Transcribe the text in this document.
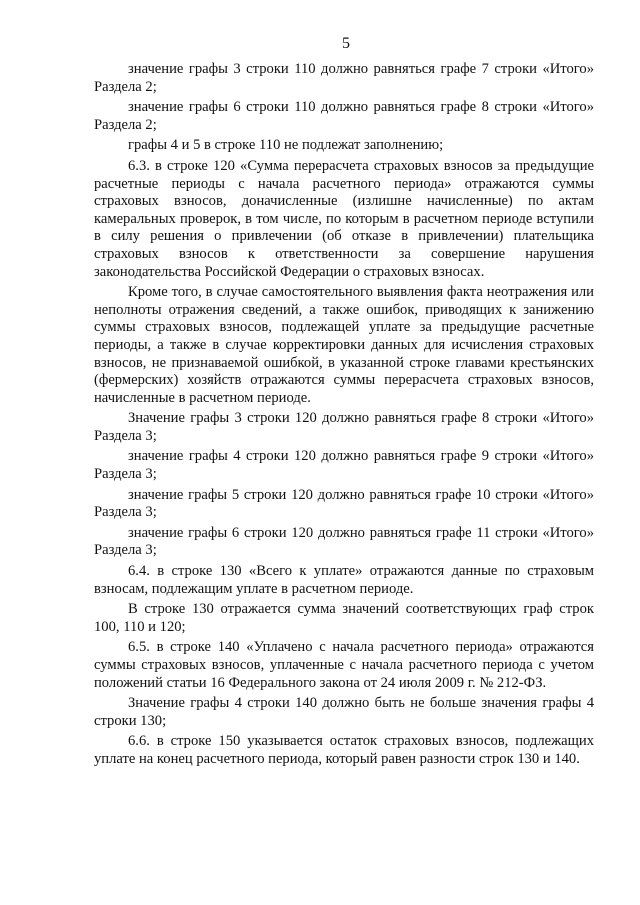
5

значение графы 3 строки 110 должно равняться графе 7 строки «Итого» Раздела 2;

значение графы 6 строки 110 должно равняться графе 8 строки «Итого» Раздела 2;

графы 4 и 5 в строке 110 не подлежат заполнению;

6.3. в строке 120 «Сумма перерасчета страховых взносов за предыдущие расчетные периоды с начала расчетного периода» отражаются суммы страховых взносов, доначисленные (излишне начисленные) по актам камеральных проверок, в том числе, по которым в расчетном периоде вступили в силу решения о привлечении (об отказе в привлечении) плательщика страховых взносов к ответственности за совершение нарушения законодательства Российской Федерации о страховых взносах.

Кроме того, в случае самостоятельного выявления факта неотражения или неполноты отражения сведений, а также ошибок, приводящих к занижению суммы страховых взносов, подлежащей уплате за предыдущие расчетные периоды, а также в случае корректировки данных для исчисления страховых взносов, не признаваемой ошибкой, в указанной строке главами крестьянских (фермерских) хозяйств отражаются суммы перерасчета страховых взносов, начисленные в расчетном периоде.

Значение графы 3 строки 120 должно равняться графе 8 строки «Итого» Раздела 3;

значение графы 4 строки 120 должно равняться графе 9 строки «Итого» Раздела 3;

значение графы 5 строки 120 должно равняться графе 10 строки «Итого» Раздела 3;

значение графы 6 строки 120 должно равняться графе 11 строки «Итого» Раздела 3;

6.4. в строке 130 «Всего к уплате» отражаются данные по страховым взносам, подлежащим уплате в расчетном периоде.

В строке 130 отражается сумма значений соответствующих граф строк 100, 110 и 120;

6.5. в строке 140 «Уплачено с начала расчетного периода» отражаются суммы страховых взносов, уплаченные с начала расчетного периода с учетом положений статьи 16 Федерального закона от 24 июля 2009 г. № 212-ФЗ.

Значение графы 4 строки 140 должно быть не больше значения графы 4 строки 130;

6.6. в строке 150 указывается остаток страховых взносов, подлежащих уплате на конец расчетного периода, который равен разности строк 130 и 140.
